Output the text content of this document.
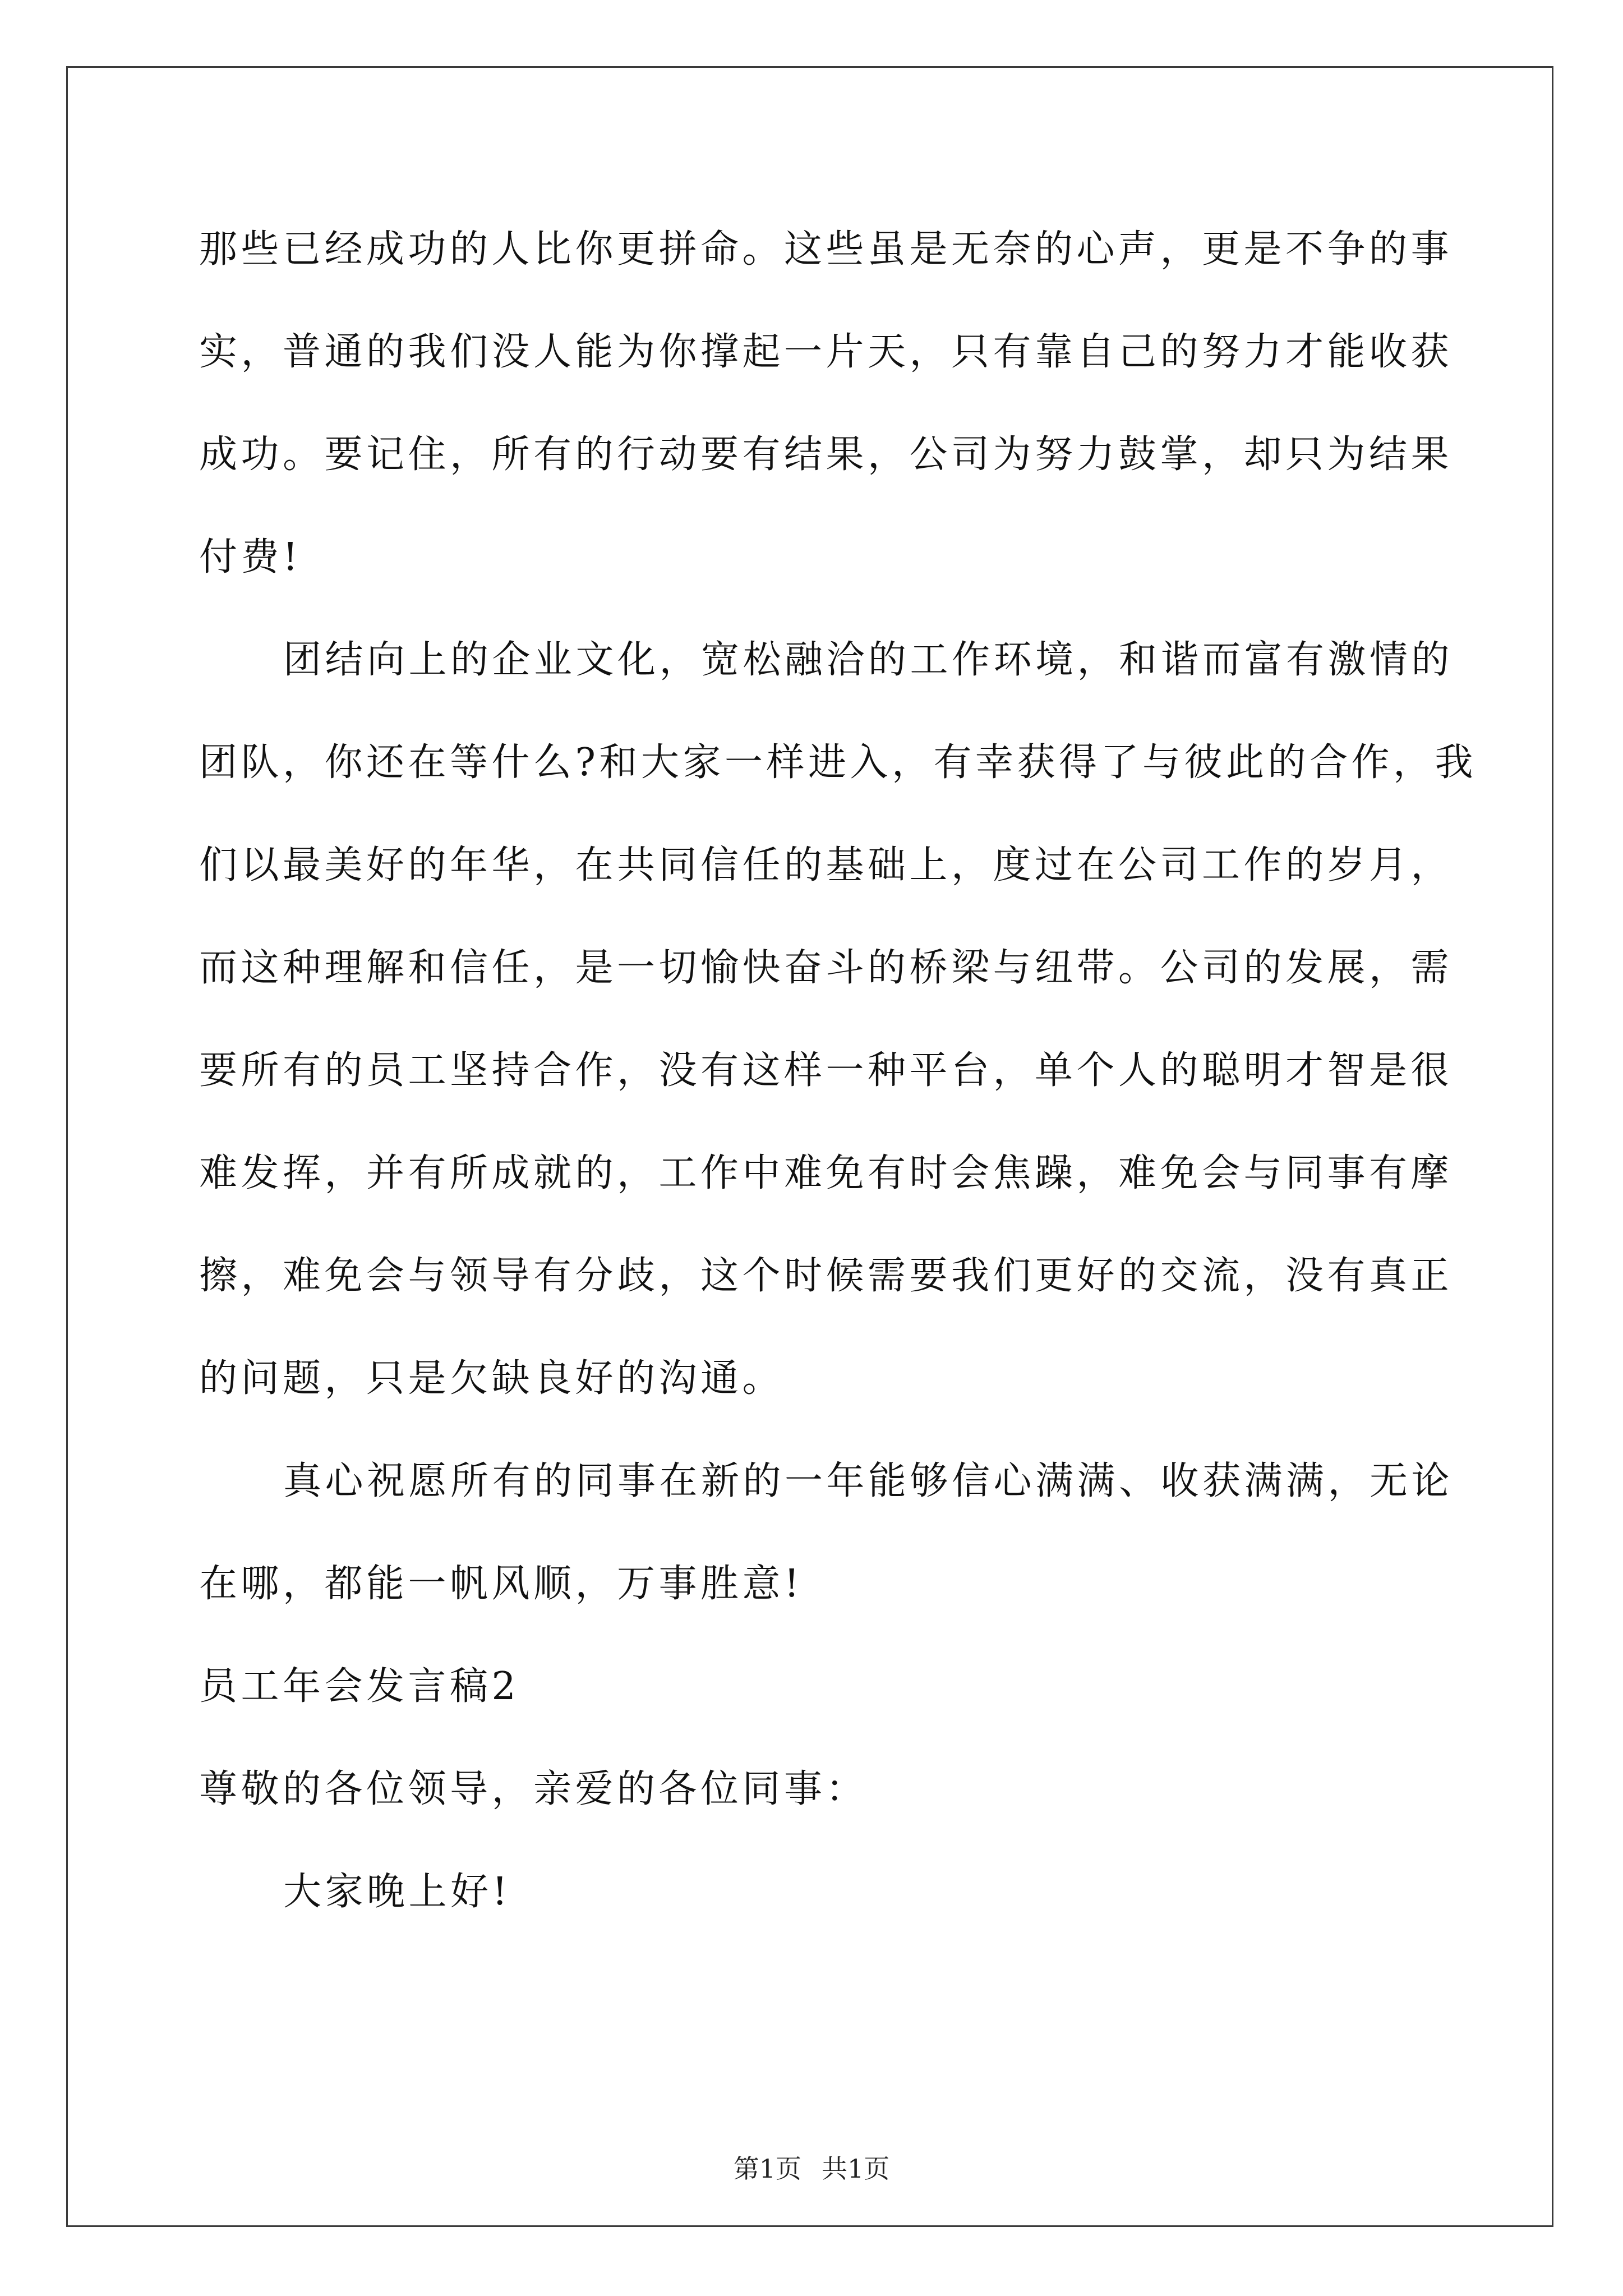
那些已经成功的人比你更拼命。这些虽是无奈的心声，更是不争的事
实，普通的我们没人能为你撑起一片天，只有靠自己的努力才能收获
成功。要记住，所有的行动要有结果，公司为努力鼓掌，却只为结果
付费!
团结向上的企业文化，宽松融洽的工作环境，和谐而富有激情的
团队，你还在等什么?和大家一样进入，有幸获得了与彼此的合作，我
们以最美好的年华，在共同信任的基础上，度过在公司工作的岁月，
而这种理解和信任，是一切愉快奋斗的桥梁与纽带。公司的发展，需
要所有的员工坚持合作，没有这样一种平台，单个人的聪明才智是很
难发挥，并有所成就的，工作中难免有时会焦躁，难免会与同事有摩
擦，难免会与领导有分歧，这个时候需要我们更好的交流，没有真正
的问题，只是欠缺良好的沟通。
真心祝愿所有的同事在新的一年能够信心满满、收获满满，无论
在哪，都能一帆风顺，万事胜意!
员工年会发言稿2
尊敬的各位领导，亲爱的各位同事：
大家晚上好!
第1页 共1页
